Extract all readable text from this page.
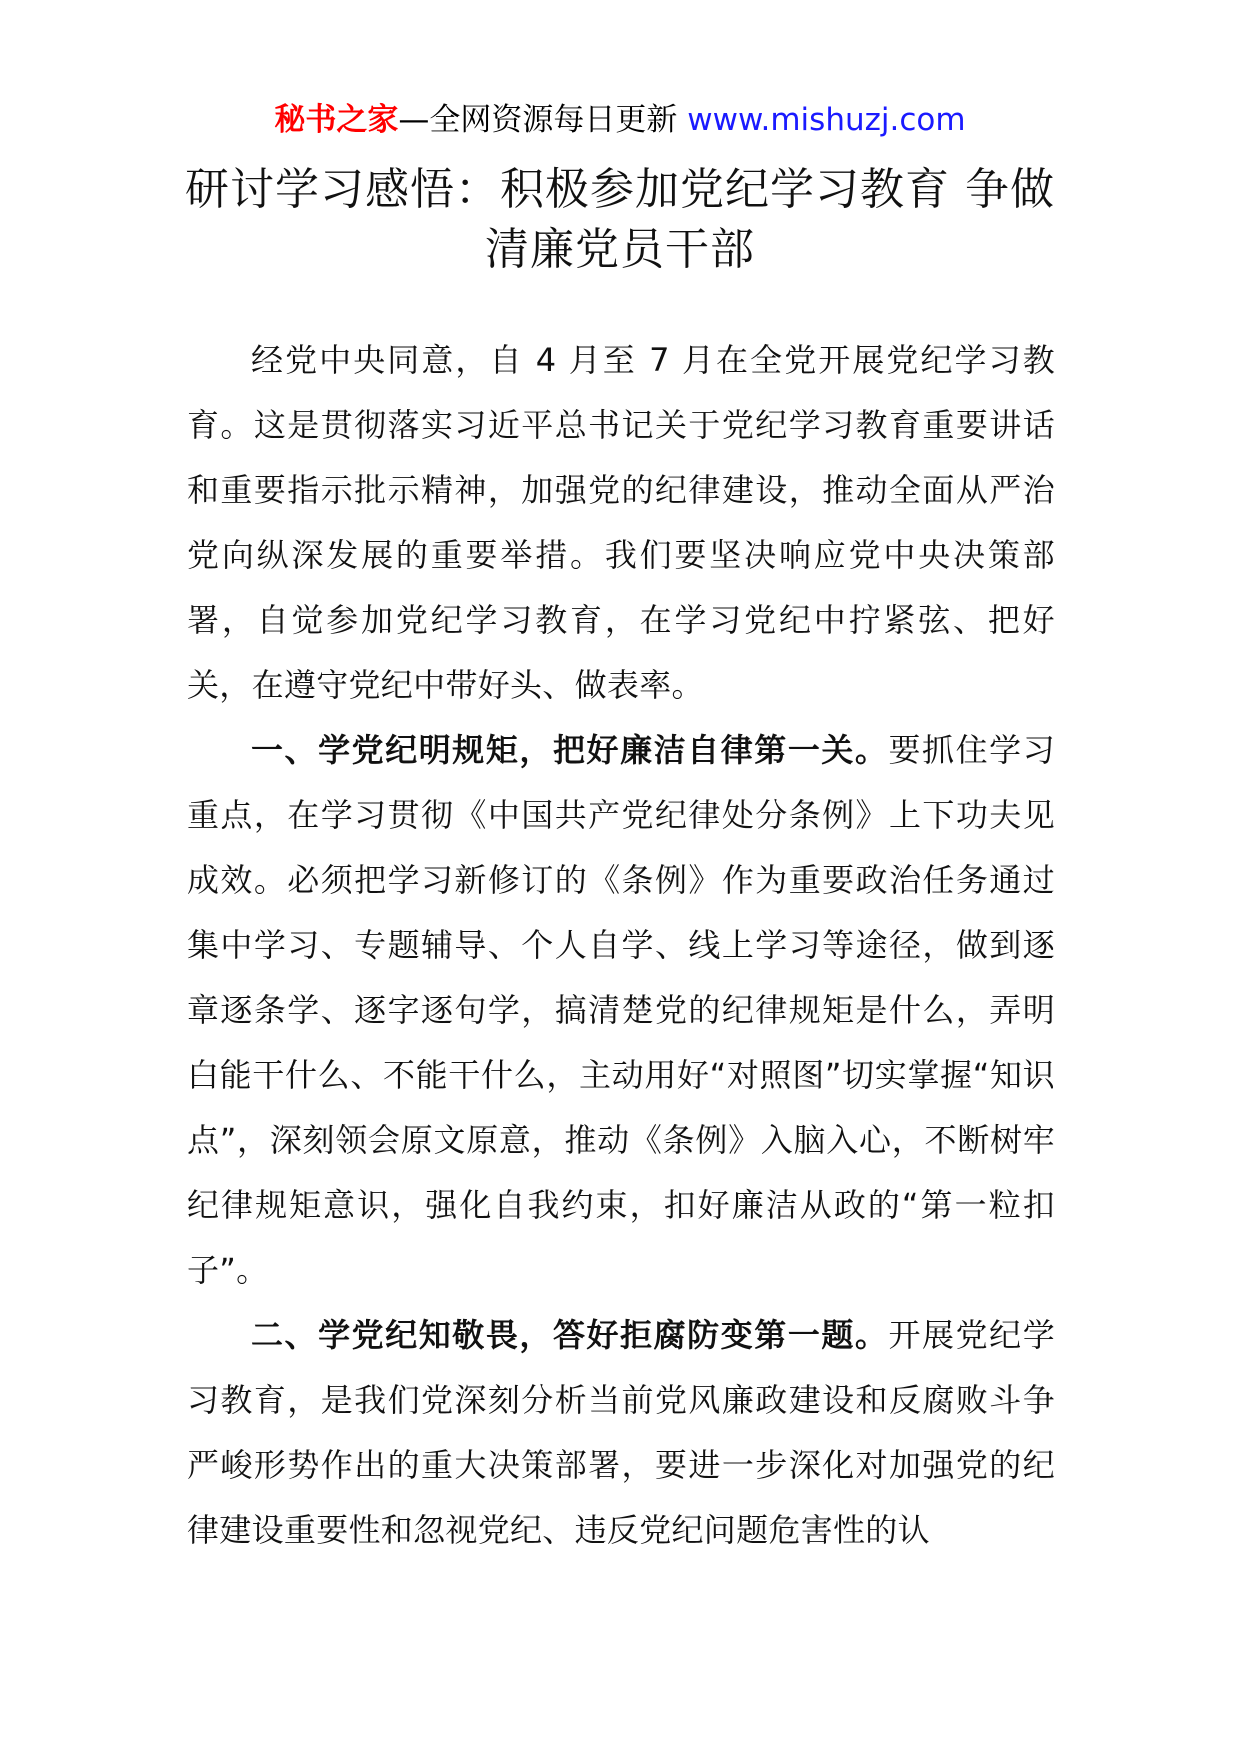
秘书之家—全网资源每日更新 www.mishuzj.com
研讨学习感悟：积极参加党纪学习教育 争做清廉党员干部

经党中央同意，自 4 月至 7 月在全党开展党纪学习教育。这是贯彻落实习近平总书记关于党纪学习教育重要讲话和重要指示批示精神，加强党的纪律建设，推动全面从严治党向纵深发展的重要举措。我们要坚决响应党中央决策部署，自觉参加党纪学习教育，在学习党纪中拧紧弦、把好关，在遵守党纪中带好头、做表率。

一、学党纪明规矩，把好廉洁自律第一关。要抓住学习重点，在学习贯彻《中国共产党纪律处分条例》上下功夫见成效。必须把学习新修订的《条例》作为重要政治任务通过集中学习、专题辅导、个人自学、线上学习等途径，做到逐章逐条学、逐字逐句学，搞清楚党的纪律规矩是什么，弄明白能干什么、不能干什么，主动用好“对照图”切实掌握“知识点”，深刻领会原文原意，推动《条例》入脑入心，不断树牢纪律规矩意识，强化自我约束，扣好廉洁从政的“第一粒扣子”。

二、学党纪知敬畏，答好拒腐防变第一题。开展党纪学习教育，是我们党深刻分析当前党风廉政建设和反腐败斗争严峻形势作出的重大决策部署，要进一步深化对加强党的纪律建设重要性和忽视党纪、违反党纪问题危害性的认
